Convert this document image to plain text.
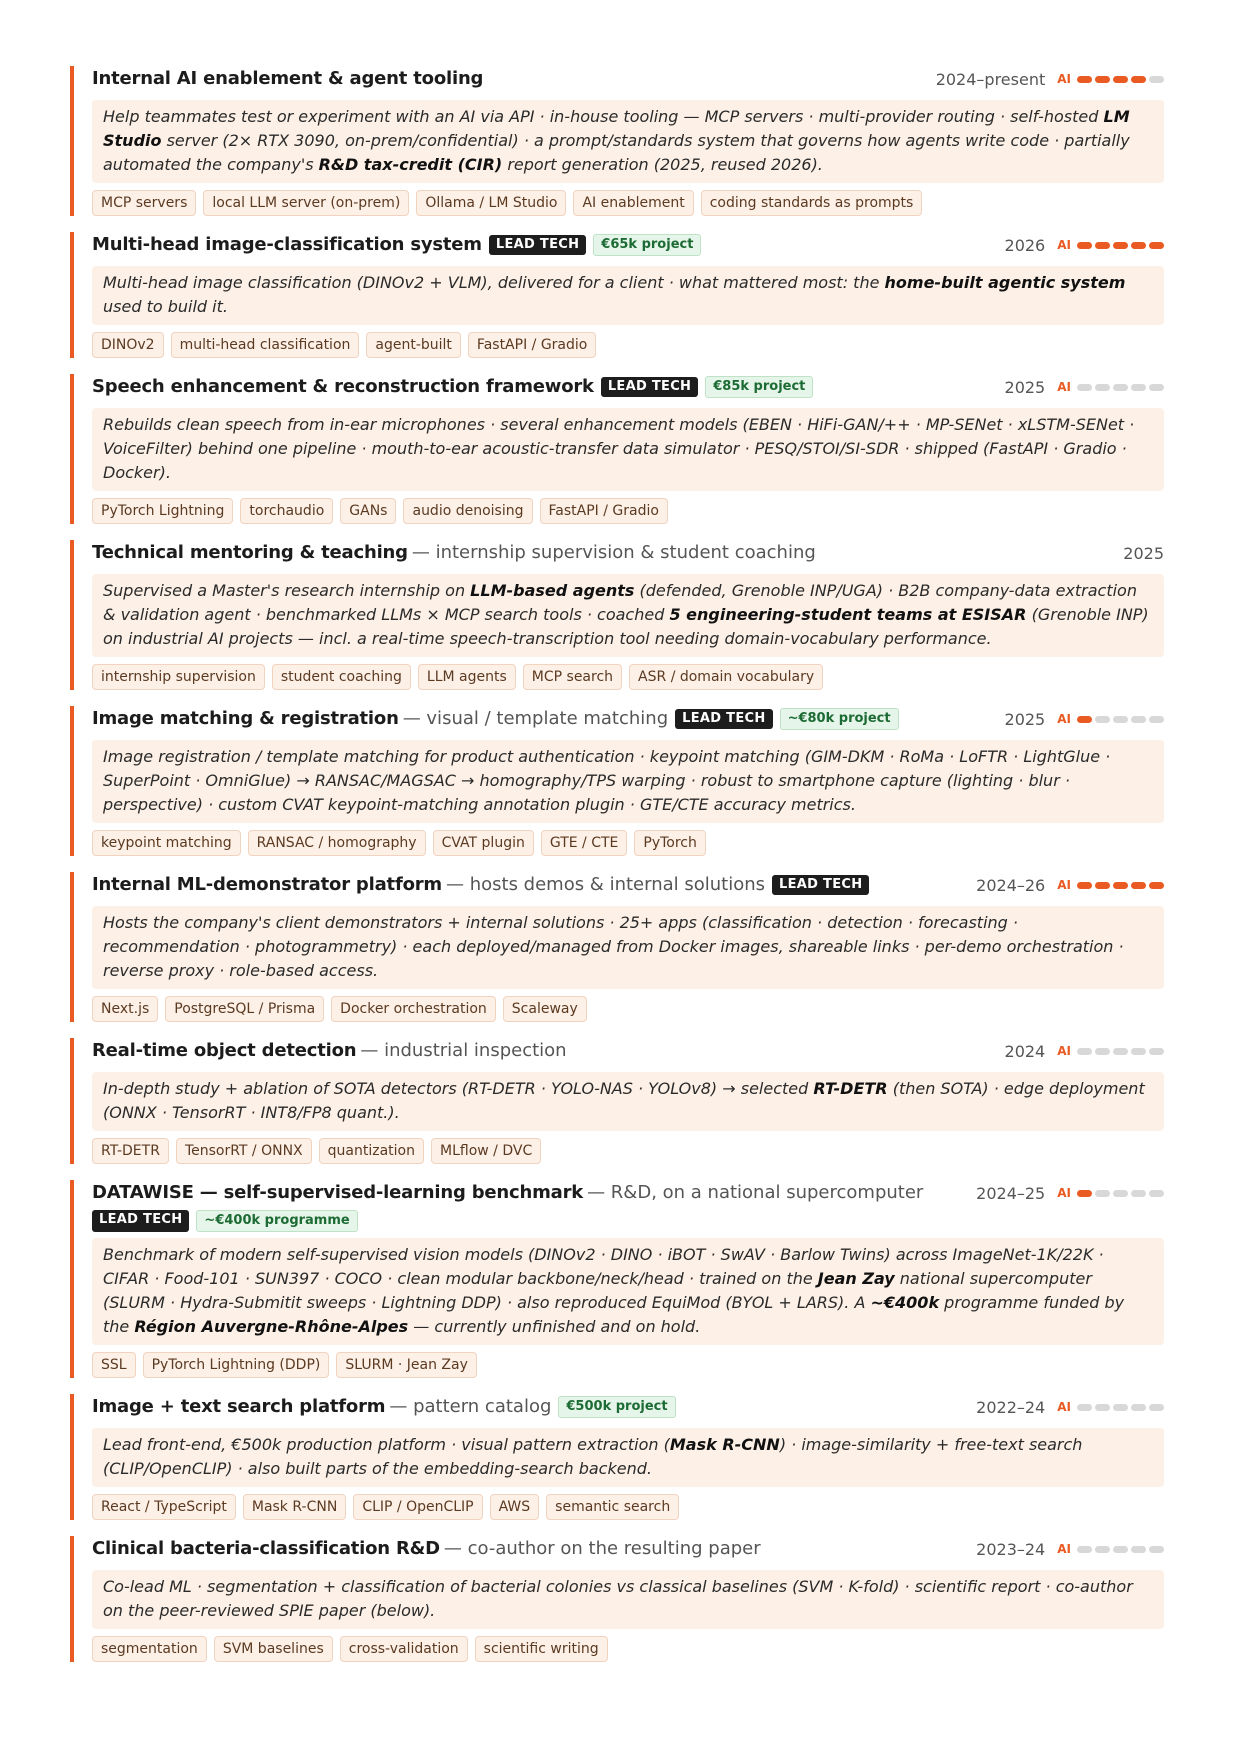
Internal AI enablement & agent tooling	2024–present AI
Help teammates test or experiment with an AI via API · in-house tooling — MCP servers · multi-provider routing · self-hosted LM Studio server (2× RTX 3090, on-prem/confidential) · a prompt/standards system that governs how agents write code · partially automated the company's R&D tax-credit (CIR) report generation (2025, reused 2026).
MCP servers	local LLM server (on-prem)	Ollama / LM Studio	AI enablement	coding standards as prompts
Multi-head image-classification system	LEAD TECH	€65k project	2026 AI
Multi-head image classification (DINOv2 + VLM), delivered for a client · what mattered most: the home-built agentic system used to build it.
DINOv2	multi-head classification	agent-built	FastAPI / Gradio
Speech enhancement & reconstruction framework	LEAD TECH	€85k project	2025 AI
Rebuilds clean speech from in-ear microphones · several enhancement models (EBEN · HiFi-GAN/++ · MP-SENet · xLSTM-SENet · VoiceFilter) behind one pipeline · mouth-to-ear acoustic-transfer data simulator · PESQ/STOI/SI-SDR · shipped (FastAPI · Gradio · Docker).
PyTorch Lightning	torchaudio	GANs	audio denoising	FastAPI / Gradio
Technical mentoring & teaching — internship supervision & student coaching	2025
Supervised a Master's research internship on LLM-based agents (defended, Grenoble INP/UGA) · B2B company-data extraction & validation agent · benchmarked LLMs × MCP search tools · coached 5 engineering-student teams at ESISAR (Grenoble INP) on industrial AI projects — incl. a real-time speech-transcription tool needing domain-vocabulary performance.
internship supervision	student coaching	LLM agents	MCP search	ASR / domain vocabulary
Image matching & registration — visual / template matching	LEAD TECH	~€80k project	2025 AI
Image registration / template matching for product authentication · keypoint matching (GIM-DKM · RoMa · LoFTR · LightGlue · SuperPoint · OmniGlue) → RANSAC/MAGSAC → homography/TPS warping · robust to smartphone capture (lighting · blur · perspective) · custom CVAT keypoint-matching annotation plugin · GTE/CTE accuracy metrics.
keypoint matching	RANSAC / homography	CVAT plugin	GTE / CTE	PyTorch
Internal ML-demonstrator platform — hosts demos & internal solutions	LEAD TECH	2024–26 AI
Hosts the company's client demonstrators + internal solutions · 25+ apps (classification · detection · forecasting · recommendation · photogrammetry) · each deployed/managed from Docker images, shareable links · per-demo orchestration · reverse proxy · role-based access.
Next.js	PostgreSQL / Prisma	Docker orchestration	Scaleway
Real-time object detection — industrial inspection	2024 AI
In-depth study + ablation of SOTA detectors (RT-DETR · YOLO-NAS · YOLOv8) → selected RT-DETR (then SOTA) · edge deployment (ONNX · TensorRT · INT8/FP8 quant.).
RT-DETR	TensorRT / ONNX	quantization	MLflow / DVC
DATAWISE — self-supervised-learning benchmark — R&D, on a national supercomputer
LEAD TECH	~€400k programme
2024–25 AI
Benchmark of modern self-supervised vision models (DINOv2 · DINO · iBOT · SwAV · Barlow Twins) across ImageNet-1K/22K · CIFAR · Food-101 · SUN397 · COCO · clean modular backbone/neck/head · trained on the Jean Zay national supercomputer (SLURM · Hydra-Submitit sweeps · Lightning DDP) · also reproduced EquiMod (BYOL + LARS). A ~€400k programme funded by the Région Auvergne-Rhône-Alpes — currently unfinished and on hold.
SSL	PyTorch Lightning (DDP)	SLURM · Jean Zay
Image + text search platform — pattern catalog	€500k project	2022–24 AI
Lead front-end, €500k production platform · visual pattern extraction (Mask R-CNN) · image-similarity + free-text search (CLIP/OpenCLIP) · also built parts of the embedding-search backend.
React / TypeScript	Mask R-CNN	CLIP / OpenCLIP	AWS	semantic search
Clinical bacteria-classification R&D — co-author on the resulting paper	2023–24 AI
Co-lead ML · segmentation + classification of bacterial colonies vs classical baselines (SVM · K-fold) · scientific report · co-author on the peer-reviewed SPIE paper (below).
segmentation	SVM baselines	cross-validation	scientific writing
